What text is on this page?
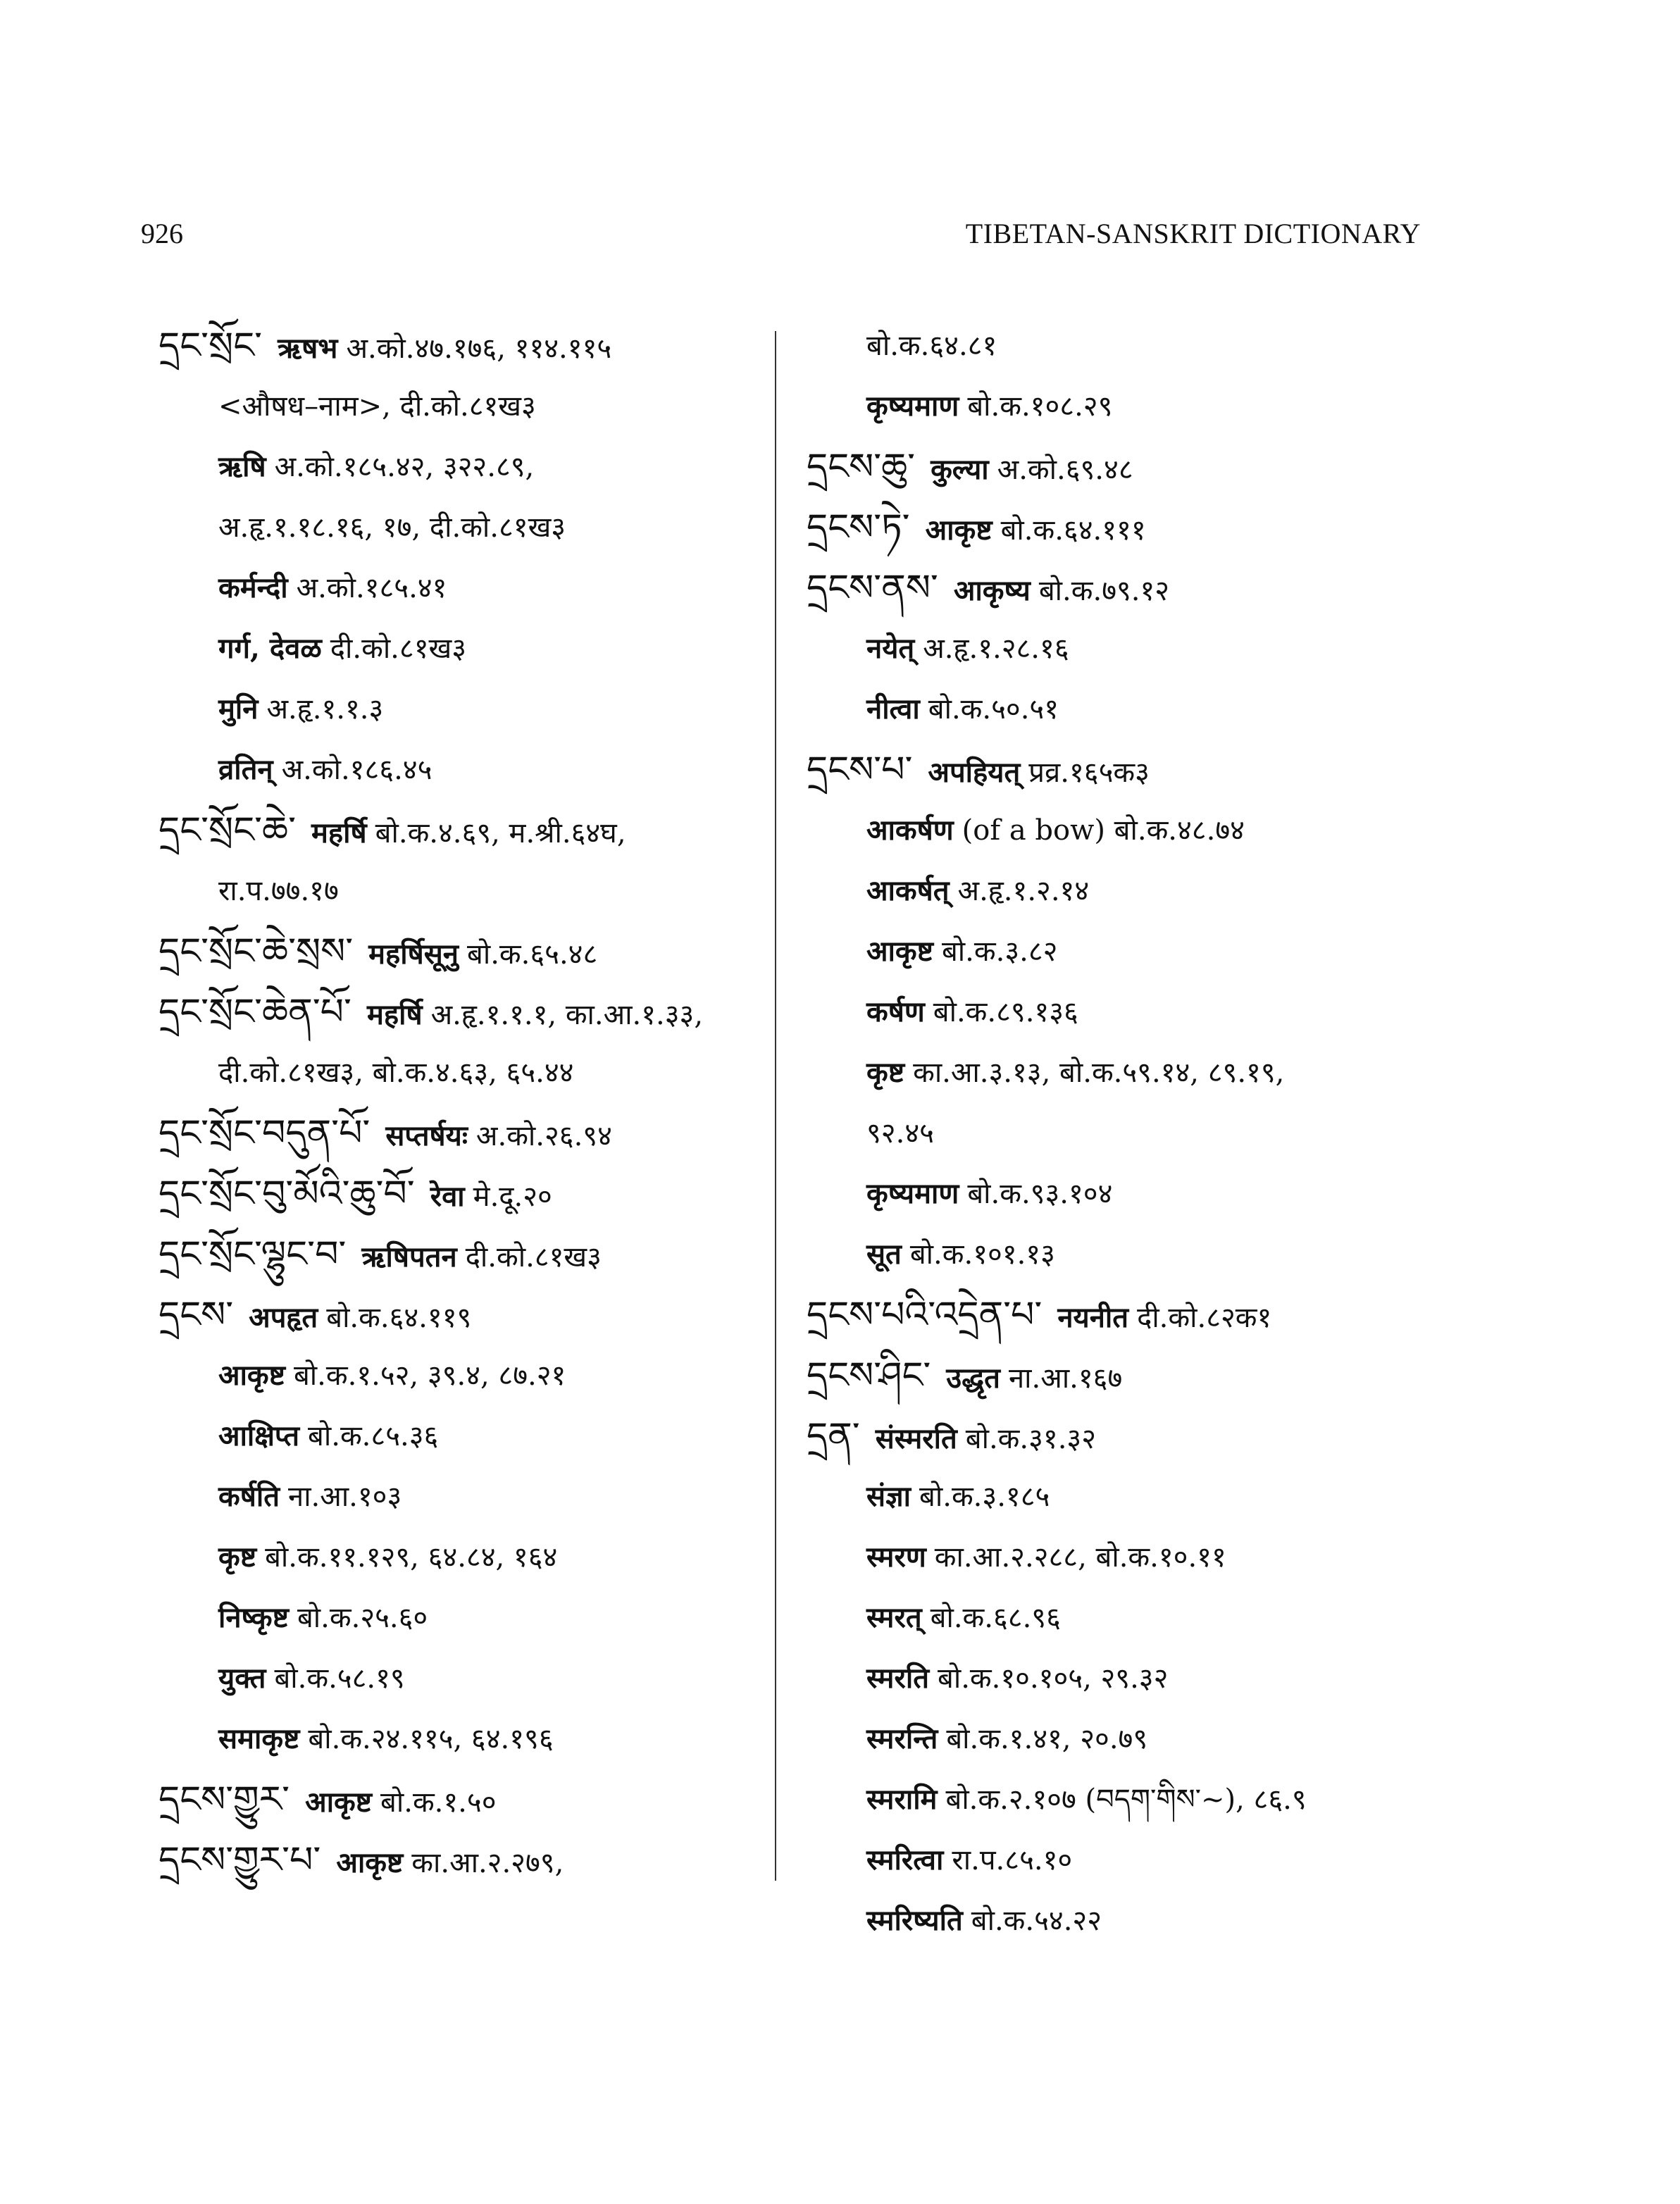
926	TIBETAN-SANSKRIT DICTIONARY
དྲང་སྲོང་ ऋषभ अ.को.४७.१७६, ११४.११५
<औषध–नाम>, दी.को.८१ख३
ऋषि अ.को.१८५.४२, ३२२.८९,
अ.हृ.१.१८.१६, १७, दी.को.८१ख३
कर्मन्दी अ.को.१८५.४१
गर्ग, देवळ दी.को.८१ख३
मुनि अ.हृ.१.१.३
व्रतिन् अ.को.१८६.४५
དྲང་སྲོང་ཆེ་ महर्षि बो.क.४.६९, म.श्री.६४घ,
रा.प.७७.१७
དྲང་སྲོང་ཆེ་སྲས་ महर्षिसूनु बो.क.६५.४८
དྲང་སྲོང་ཆེན་པོ་ महर्षि अ.हृ.१.१.१, का.आ.१.३३,
दी.को.८१ख३, बो.क.४.६३, ६५.४४
དྲང་སྲོང་བདུན་པོ་ सप्तर्षयः अ.को.२६.९४
དྲང་སྲོང་བུ་མོའི་ཆུ་བོ་ रेवा मे.दू.२०
དྲང་སྲོང་ལྷུང་བ་ ऋषिपतन दी.को.८१ख३
དྲངས་ अपहृत बो.क.६४.११९
आकृष्ट बो.क.१.५२, ३९.४, ८७.२१
आक्षिप्त बो.क.८५.३६
कर्षति ना.आ.१०३
कृष्ट बो.क.११.१२९, ६४.८४, १६४
निष्कृष्ट बो.क.२५.६०
युक्त बो.क.५८.१९
समाकृष्ट बो.क.२४.११५, ६४.१९६
དྲངས་གྱུར་ आकृष्ट बो.क.१.५०
དྲངས་གྱུར་པ་ आकृष्ट का.आ.२.२७९,
बो.क.६४.८१
कृष्यमाण बो.क.१०८.२९
དྲངས་ཆུ་ कुल्या अ.को.६९.४८
དྲངས་ཏེ་ आकृष्ट बो.क.६४.१११
དྲངས་ནས་ आकृष्य बो.क.७९.१२
नयेत् अ.हृ.१.२८.१६
नीत्वा बो.क.५०.५१
དྲངས་པ་ अपहियत् प्रव्र.१६५क३
आकर्षण (of a bow) बो.क.४८.७४
आकर्षत् अ.हृ.१.२.१४
आकृष्ट बो.क.३.८२
कर्षण बो.क.८९.१३६
कृष्ट का.आ.३.१३, बो.क.५९.१४, ८९.१९,
९२.४५
कृष्यमाण बो.क.९३.१०४
सूत बो.क.१०१.१३
དྲངས་པའི་འདྲེན་པ་ नयनीत दी.को.८२क१
དྲངས་ཤིང་ उद्धृत ना.आ.१६७
དྲན་ संस्मरति बो.क.३१.३२
संज्ञा बो.क.३.१८५
स्मरण का.आ.२.२८८, बो.क.१०.११
स्मरत् बो.क.६८.९६
स्मरति बो.क.१०.१०५, २९.३२
स्मरन्ति बो.क.१.४१, २०.७९
स्मरामि बो.क.२.१०७ (བདག་གིས་~), ८६.९
स्मरित्वा रा.प.८५.१०
स्मरिष्यति बो.क.५४.२२
